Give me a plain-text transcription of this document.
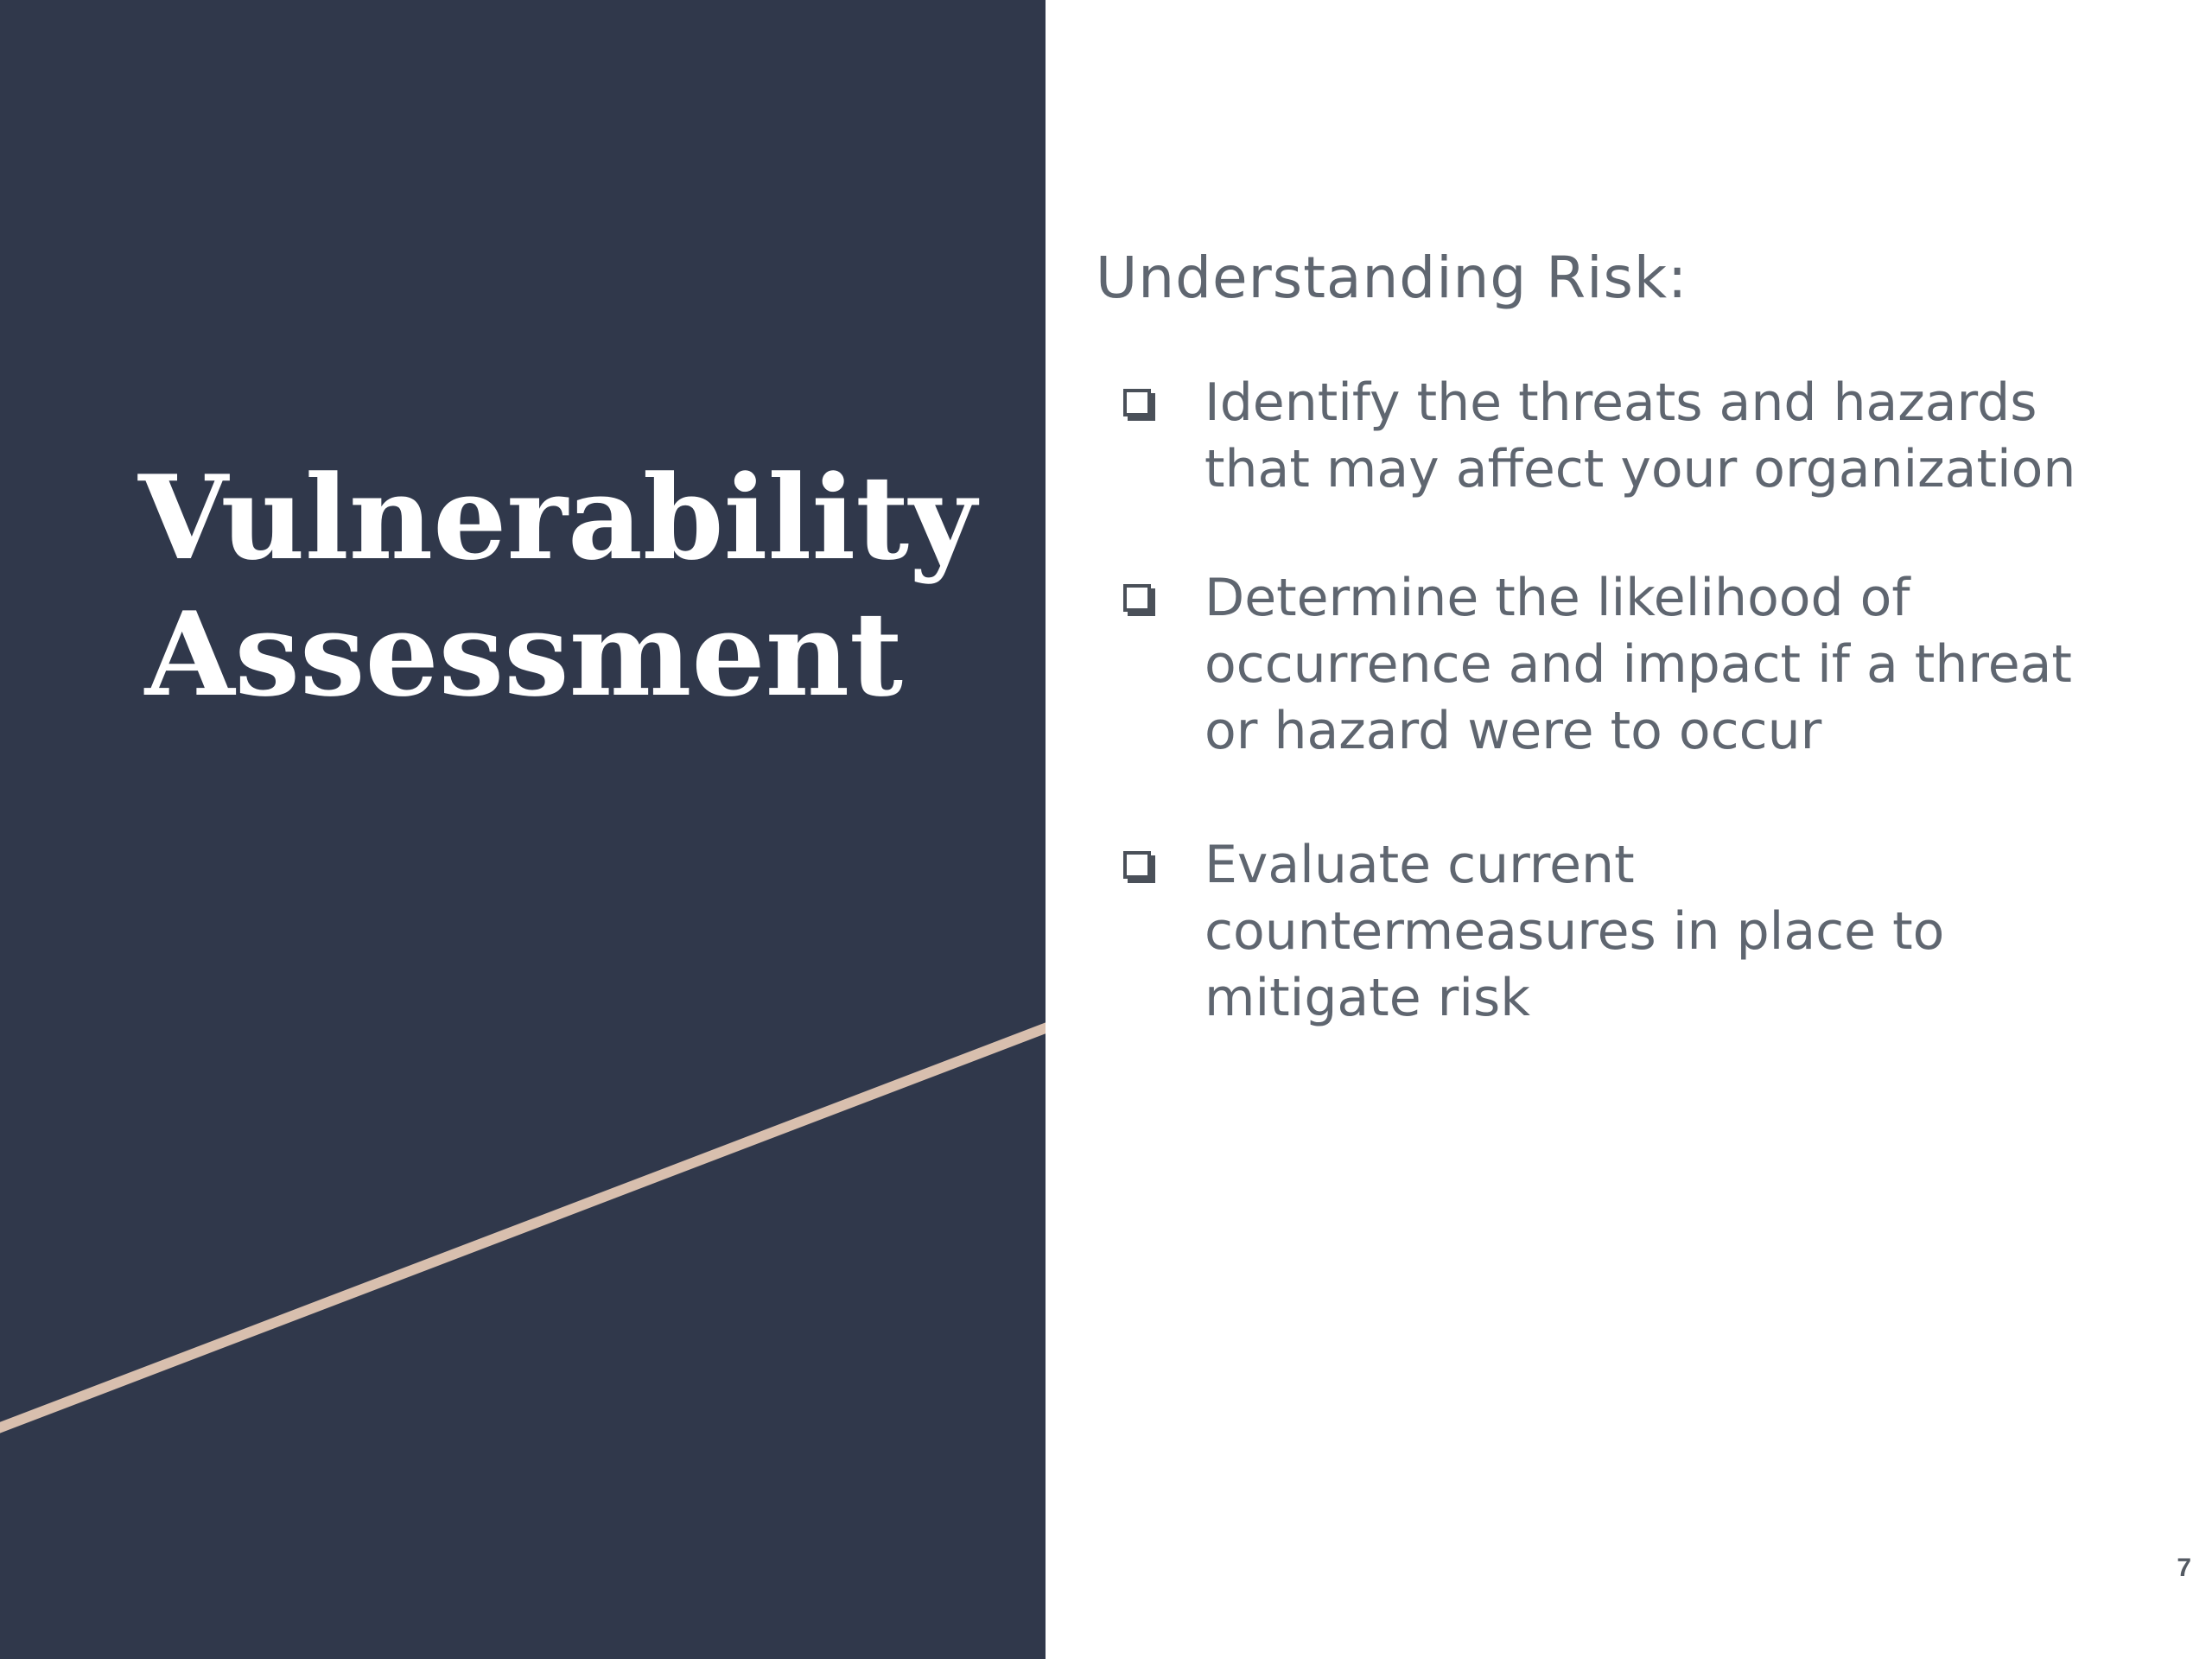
Vulnerability
Assessment
Understanding Risk:
Identify the threats and hazards that may affect your organization
Determine the likelihood of occurrence and impact if a threat or hazard were to occur
Evaluate current countermeasures in place to mitigate risk
7
